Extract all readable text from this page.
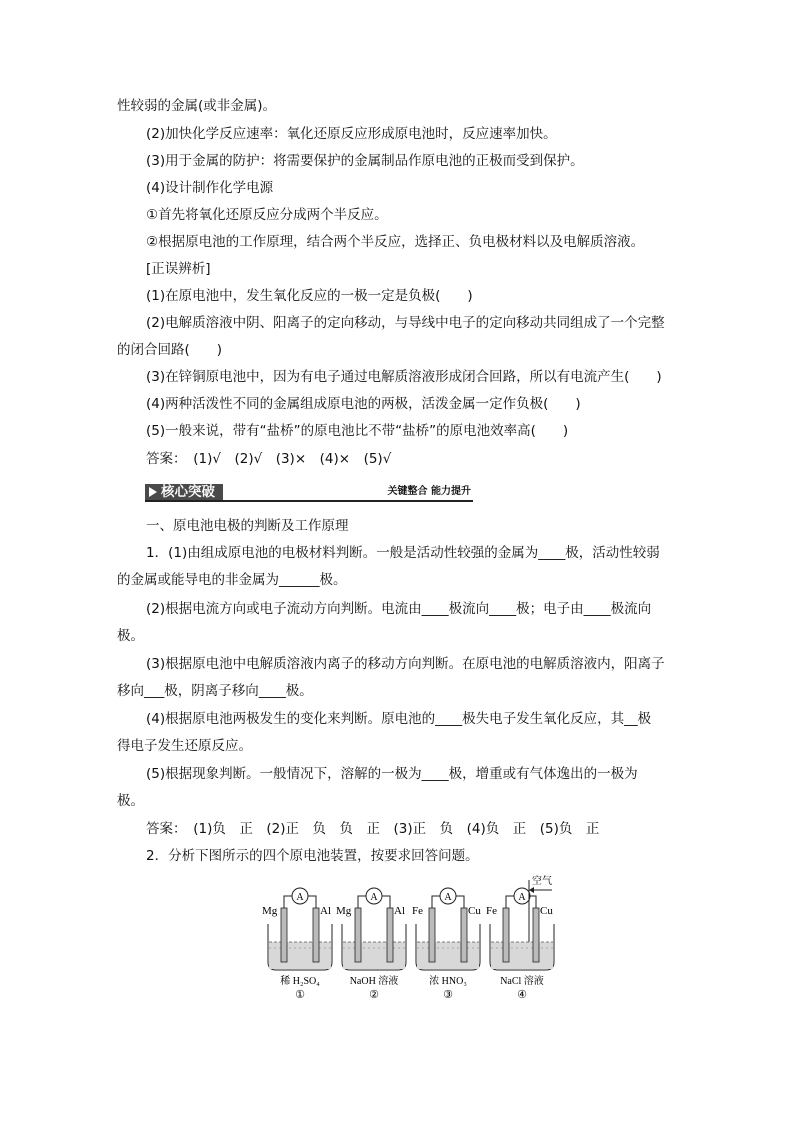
性较弱的金属(或非金属)。
(2)加快化学反应速率：氧化还原反应形成原电池时，反应速率加快。
(3)用于金属的防护：将需要保护的金属制品作原电池的正极而受到保护。
(4)设计制作化学电源
①首先将氧化还原反应分成两个半反应。
②根据原电池的工作原理，结合两个半反应，选择正、负电极材料以及电解质溶液。
[正误辨析]
(1)在原电池中，发生氧化反应的一极一定是负极(　　)
(2)电解质溶液中阴、阳离子的定向移动，与导线中电子的定向移动共同组成了一个完整
的闭合回路(　　)
(3)在锌铜原电池中，因为有电子通过电解质溶液形成闭合回路，所以有电流产生(　　)
(4)两种活泼性不同的金属组成原电池的两极，活泼金属一定作负极(　　)
(5)一般来说，带有“盐桥”的原电池比不带“盐桥”的原电池效率高(　　)
答案：　(1)√　(2)√　(3)×　(4)×　(5)√
核心突破	关键整合 能力提升
一、原电池电极的判断及工作原理
1．(1)由组成原电池的电极材料判断。一般是活动性较强的金属为____极，活动性较弱
的金属或能导电的非金属为______极。
(2)根据电流方向或电子流动方向判断。电流由____极流向____极；电子由____极流向
极。
(3)根据原电池中电解质溶液内离子的移动方向判断。在原电池的电解质溶液内，阳离子
移向___极，阴离子移向____极。
(4)根据原电池两极发生的变化来判断。原电池的____极失电子发生氧化反应，其__极
得电子发生还原反应。
(5)根据现象判断。一般情况下，溶解的一极为____极，增重或有气体逸出的一极为
极。
答案：　(1)负　正　(2)正　负　负　正　(3)正　负　(4)负　正　(5)负　正
2．分析下图所示的四个原电池装置，按要求回答问题。
Mg	Al
A
稀 H₂SO₄
①
Mg	Al
A
NaOH 溶液
②
Fe	Cu
A
浓 HNO₃
③
Fe	Cu
A
空气
NaCl 溶液
④
